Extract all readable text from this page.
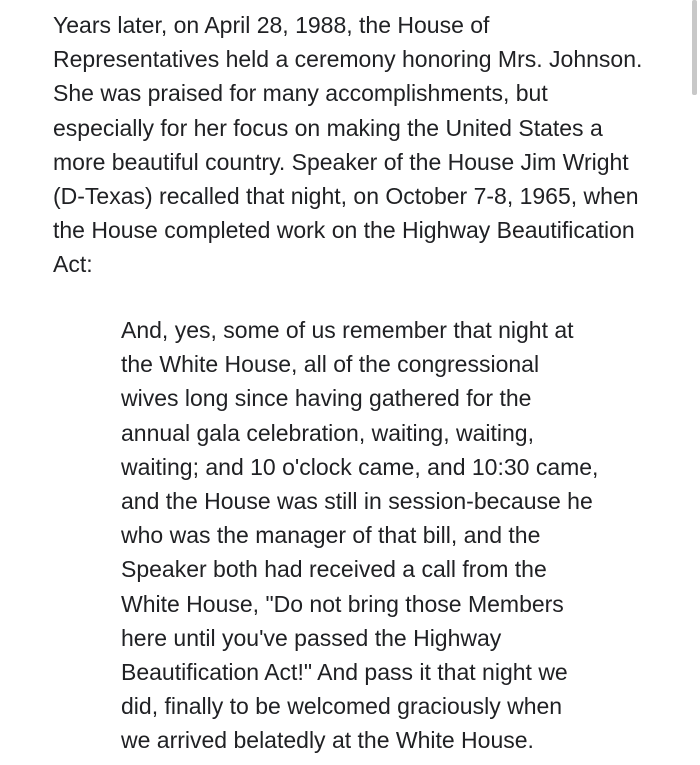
Years later, on April 28, 1988, the House of
Representatives held a ceremony honoring Mrs. Johnson.
She was praised for many accomplishments, but
especially for her focus on making the United States a
more beautiful country. Speaker of the House Jim Wright
(D-Texas) recalled that night, on October 7-8, 1965, when
the House completed work on the Highway Beautification
Act:

And, yes, some of us remember that night at
the White House, all of the congressional
wives long since having gathered for the
annual gala celebration, waiting, waiting,
waiting; and 10 o'clock came, and 10:30 came,
and the House was still in session-because he
who was the manager of that bill, and the
Speaker both had received a call from the
White House, "Do not bring those Members
here until you've passed the Highway
Beautification Act!" And pass it that night we
did, finally to be welcomed graciously when
we arrived belatedly at the White House.
